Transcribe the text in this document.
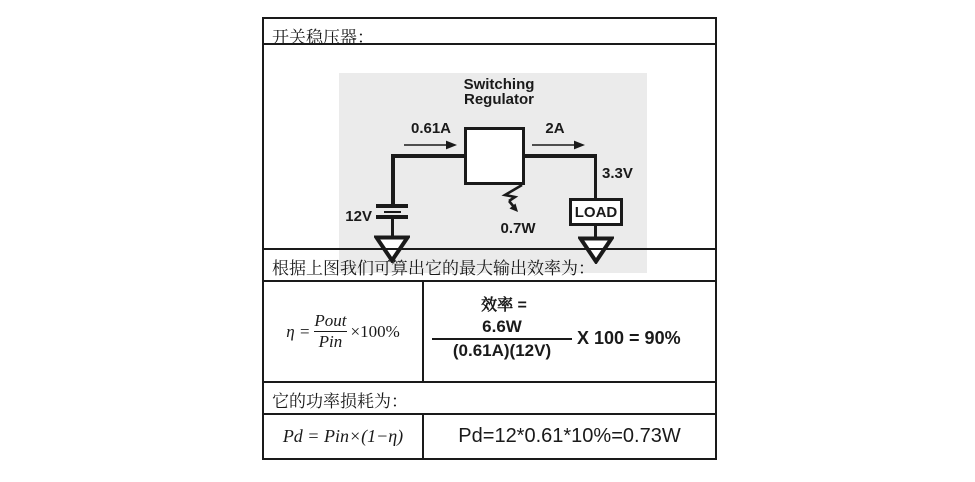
开关稳压器：
Switching
Regulator
0.61A	2A
3.3V
12V
0.7W
LOAD
根据上图我们可算出它的最大输出效率为：
$\eta = \frac{\text{Pout}}{\text{Pin}} \times 100\%$
效率 =
6.6W
(0.61A)(12V)
X 100 = 90%
它的功率损耗为：
Pd = Pin×(1−η)	Pd=12*0.61*10%=0.73W
